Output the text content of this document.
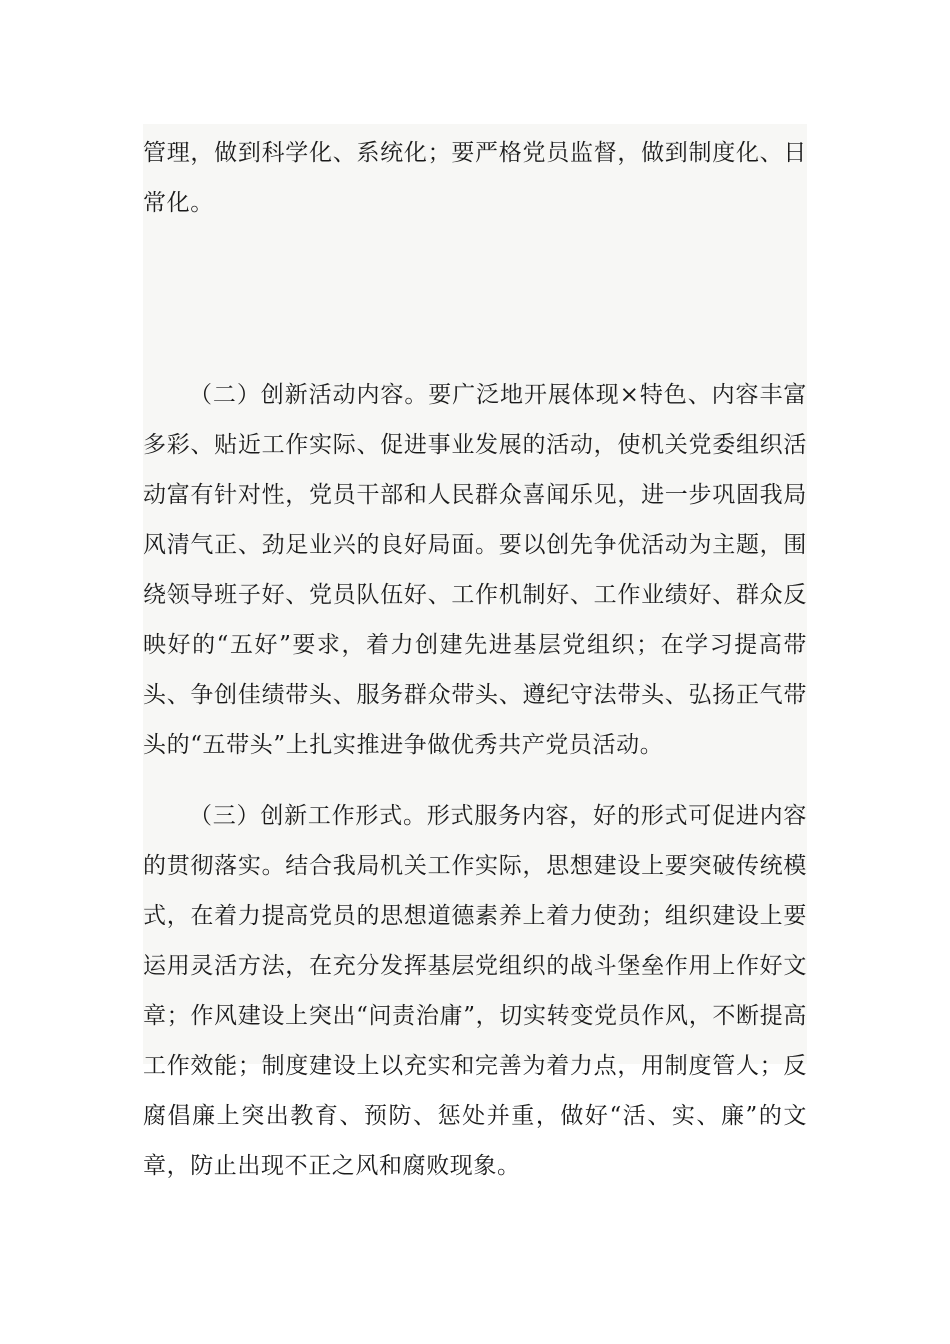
管理，做到科学化、系统化；要严格党员监督，做到制度化、日常化。

（二）创新活动内容。要广泛地开展体现×特色、内容丰富多彩、贴近工作实际、促进事业发展的活动，使机关党委组织活动富有针对性，党员干部和人民群众喜闻乐见，进一步巩固我局风清气正、劲足业兴的良好局面。要以创先争优活动为主题，围绕领导班子好、党员队伍好、工作机制好、工作业绩好、群众反映好的“五好”要求，着力创建先进基层党组织；在学习提高带头、争创佳绩带头、服务群众带头、遵纪守法带头、弘扬正气带头的“五带头”上扎实推进争做优秀共产党员活动。

（三）创新工作形式。形式服务内容，好的形式可促进内容的贯彻落实。结合我局机关工作实际，思想建设上要突破传统模式，在着力提高党员的思想道德素养上着力使劲；组织建设上要运用灵活方法，在充分发挥基层党组织的战斗堡垒作用上作好文章；作风建设上突出“问责治庸”，切实转变党员作风，不断提高工作效能；制度建设上以充实和完善为着力点，用制度管人；反腐倡廉上突出教育、预防、惩处并重，做好“活、实、廉”的文章，防止出现不正之风和腐败现象。
